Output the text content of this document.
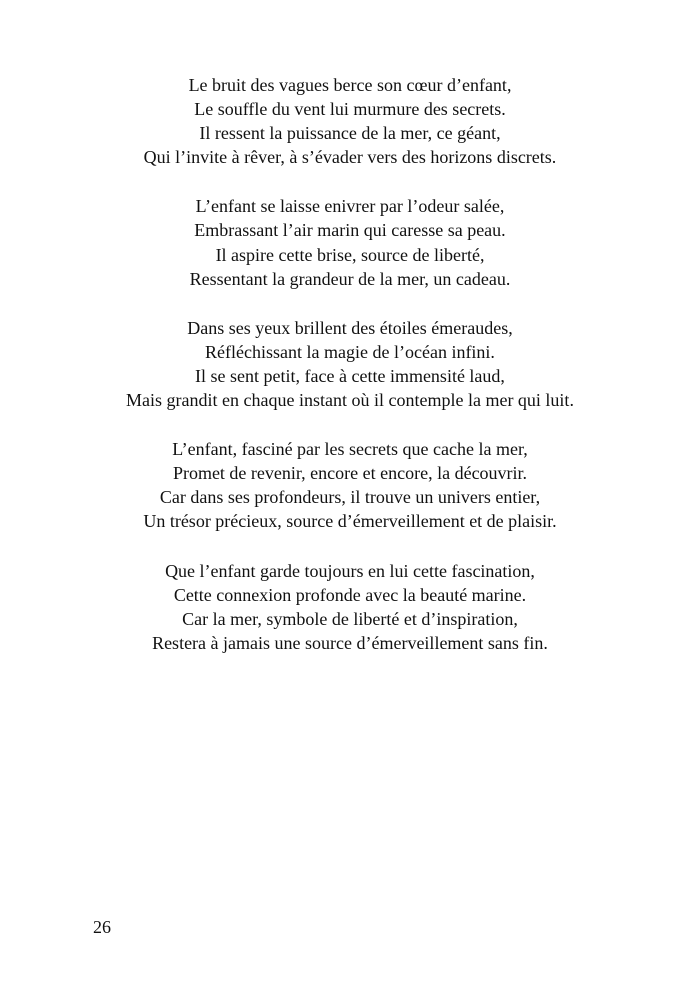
Le bruit des vagues berce son cœur d’enfant,
Le souffle du vent lui murmure des secrets.
Il ressent la puissance de la mer, ce géant,
Qui l’invite à rêver, à s’évader vers des horizons discrets.
L’enfant se laisse enivrer par l’odeur salée,
Embrassant l’air marin qui caresse sa peau.
Il aspire cette brise, source de liberté,
Ressentant la grandeur de la mer, un cadeau.
Dans ses yeux brillent des étoiles émeraudes,
Réfléchissant la magie de l’océan infini.
Il se sent petit, face à cette immensité laud,
Mais grandit en chaque instant où il contemple la mer qui luit.
L’enfant, fasciné par les secrets que cache la mer,
Promet de revenir, encore et encore, la découvrir.
Car dans ses profondeurs, il trouve un univers entier,
Un trésor précieux, source d’émerveillement et de plaisir.
Que l’enfant garde toujours en lui cette fascination,
Cette connexion profonde avec la beauté marine.
Car la mer, symbole de liberté et d’inspiration,
Restera à jamais une source d’émerveillement sans fin.
26
